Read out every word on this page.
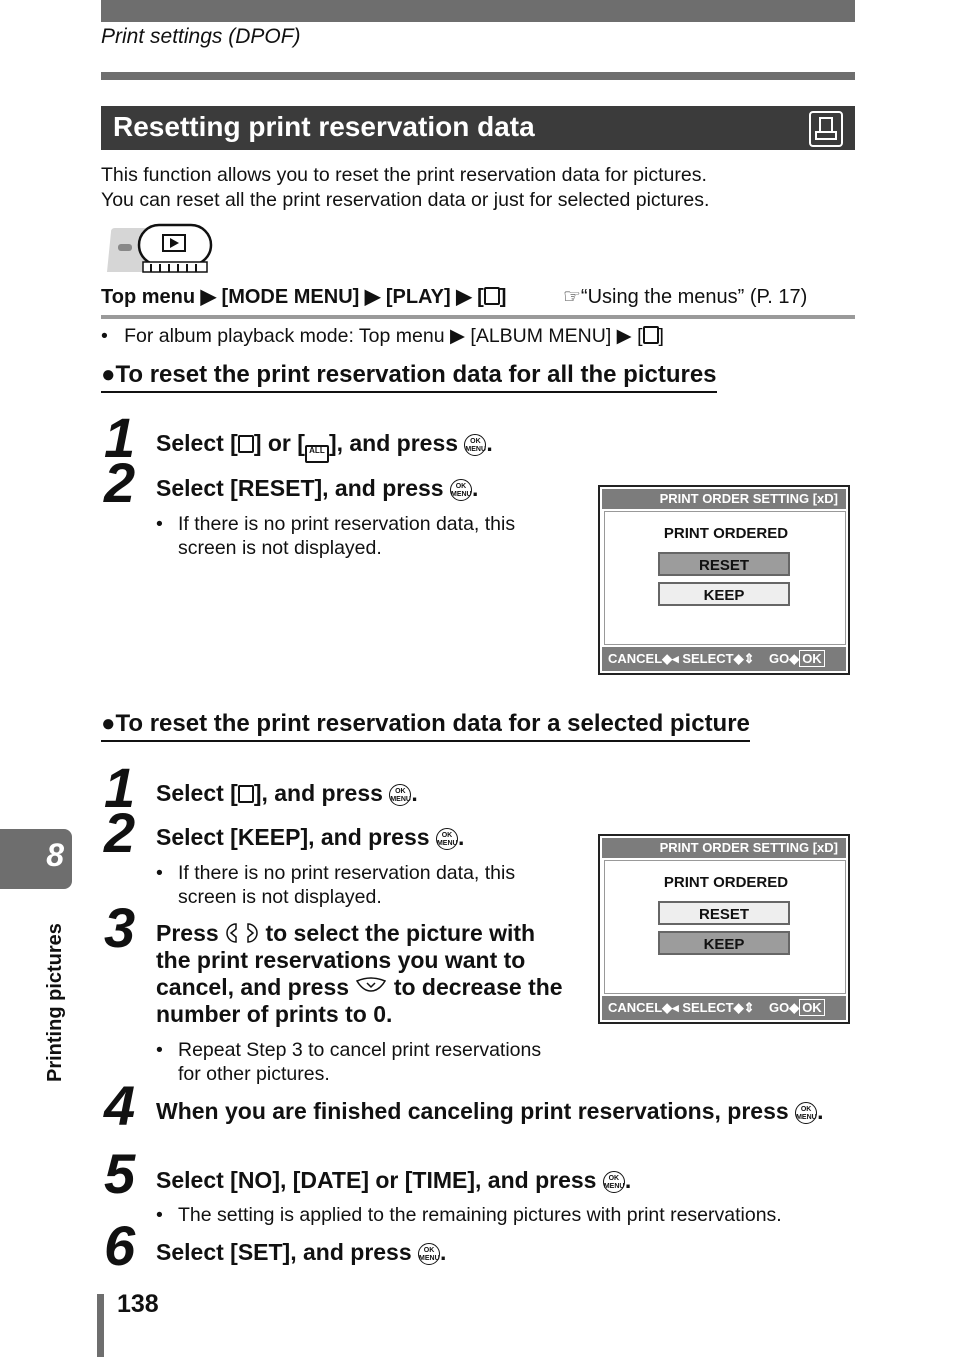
Print settings (DPOF)
Resetting print reservation data
This function allows you to reset the print reservation data for pictures.
You can reset all the print reservation data or just for selected pictures.
Top menu ▶ [MODE MENU] ▶ [PLAY] ▶ [ ]	☞“Using the menus” (P. 17)
•   For album playback mode: Top menu ▶ [ALBUM MENU] ▶ [ ]
●To reset the print reservation data for all the pictures
1 Select [ ] or [ ALL ], and press OK
MENU.
2 Select [RESET], and press OK
MENU.
• If there is no print reservation data, this screen is not displayed.
PRINT ORDER SETTING [xD]
PRINT ORDERED
RESET
KEEP
CANCEL◆◂ SELECT◆⇕    GO◆ OK
●To reset the print reservation data for a selected picture
1 Select [ ], and press OK
MENU.
2 Select [KEEP], and press OK
MENU.
• If there is no print reservation data, this screen is not displayed.
3 Press  to select the picture with the print reservations you want to cancel, and press  to decrease the number of prints to 0.
• Repeat Step 3 to cancel print reservations for other pictures.
PRINT ORDER SETTING [xD]
PRINT ORDERED
RESET
KEEP
CANCEL◆◂ SELECT◆⇕    GO◆ OK
4 When you are finished canceling print reservations, press OK
MENU.
5 Select [NO], [DATE] or [TIME], and press OK
MENU.
• The setting is applied to the remaining pictures with print reservations.
6 Select [SET], and press OK
MENU.
8
Printing pictures
138
